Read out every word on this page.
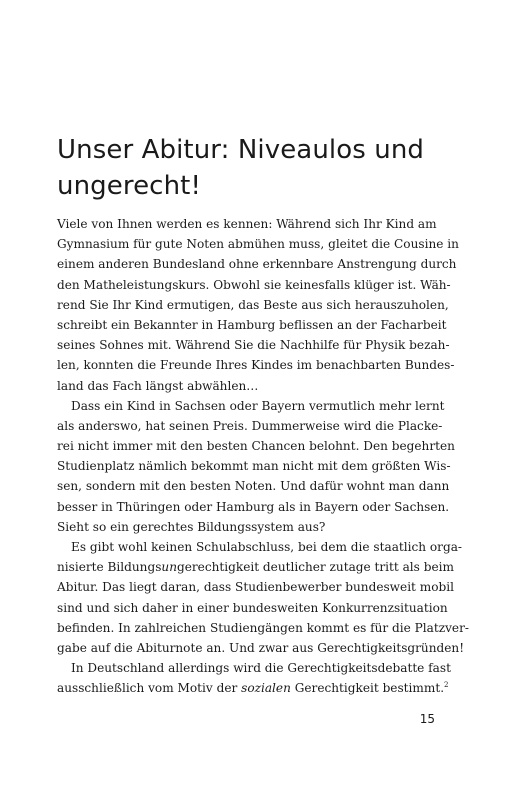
Unser Abitur: Niveaulos und
ungerecht!
Viele von Ihnen werden es kennen: Während sich Ihr Kind am
Gymnasium für gute Noten abmühen muss, gleitet die Cousine in
einem anderen Bundesland ohne erkennbare Anstrengung durch
den Matheleistungskurs. Obwohl sie keinesfalls klüger ist. Wäh-
rend Sie Ihr Kind ermutigen, das Beste aus sich herauszuholen,
schreibt ein Bekannter in Hamburg beflissen an der Facharbeit
seines Sohnes mit. Während Sie die Nachhilfe für Physik bezah-
len, konnten die Freunde Ihres Kindes im benachbarten Bundes-
land das Fach längst abwählen…
Dass ein Kind in Sachsen oder Bayern vermutlich mehr lernt
als anderswo, hat seinen Preis. Dummerweise wird die Placke-
rei nicht immer mit den besten Chancen belohnt. Den begehrten
Studienplatz nämlich bekommt man nicht mit dem größten Wis-
sen, sondern mit den besten Noten. Und dafür wohnt man dann
besser in Thüringen oder Hamburg als in Bayern oder Sachsen.
Sieht so ein gerechtes Bildungssystem aus?
Es gibt wohl keinen Schulabschluss, bei dem die staatlich orga-
nisierte Bildungsungerechtigkeit deutlicher zutage tritt als beim
Abitur. Das liegt daran, dass Studienbewerber bundesweit mobil
sind und sich daher in einer bundesweiten Konkurrenzsituation
befinden. In zahlreichen Studiengängen kommt es für die Platzver-
gabe auf die Abiturnote an. Und zwar aus Gerechtigkeitsgründen!
In Deutschland allerdings wird die Gerechtigkeitsdebatte fast
ausschließlich vom Motiv der sozialen Gerechtigkeit bestimmt.$^2$
15
